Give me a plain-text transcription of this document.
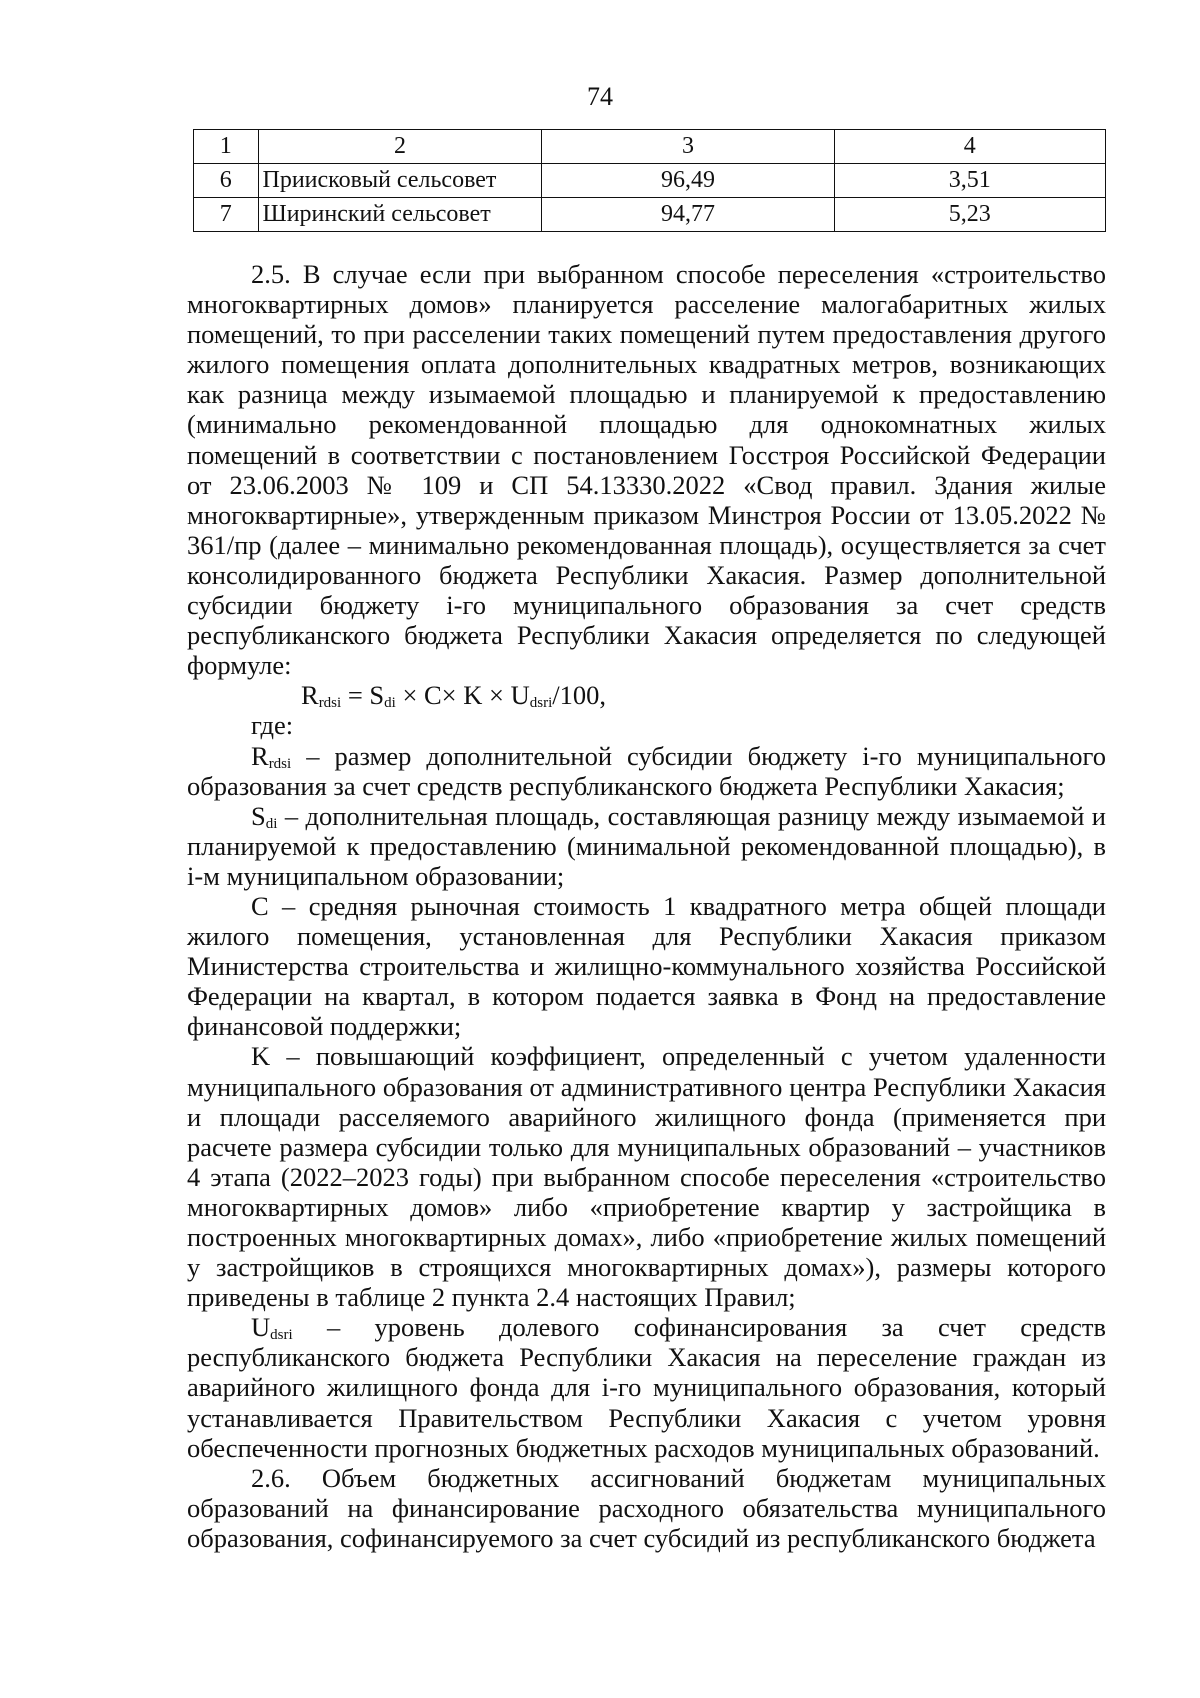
74
1	2	3	4
6	Приисковый сельсовет	96,49	3,51
7	Ширинский сельсовет	94,77	5,23

2.5. В случае если при выбранном способе переселения «строительство многоквартирных домов» планируется расселение малогабаритных жилых помещений, то при расселении таких помещений путем предоставления другого жилого помещения оплата дополнительных квадратных метров, возникающих как разница между изымаемой площадью и планируемой к предоставлению (минимально рекомендованной площадью для однокомнатных жилых помещений в соответствии с постановлением Госстроя Российской Федерации от 23.06.2003 № 109 и СП 54.13330.2022 «Свод правил. Здания жилые многоквартирные», утвержденным приказом Минстроя России от 13.05.2022 № 361/пр (далее – минимально рекомендованная площадь), осуществляется за счет консолидированного бюджета Республики Хакасия. Размер дополнительной субсидии бюджету i-го муниципального образования за счет средств республиканского бюджета Республики Хакасия определяется по следующей формуле:

$R_{rdsi} = S_{di} \times C\times K \times U_{dsri}/100$,

где:

$R_{rdsi}$ – размер дополнительной субсидии бюджету i-го муниципального образования за счет средств республиканского бюджета Республики Хакасия;

$S_{di}$ – дополнительная площадь, составляющая разницу между изымаемой и планируемой к предоставлению (минимальной рекомендованной площадью), в i-м муниципальном образовании;

С – средняя рыночная стоимость 1 квадратного метра общей площади жилого помещения, установленная для Республики Хакасия приказом Министерства строительства и жилищно-коммунального хозяйства Российской Федерации на квартал, в котором подается заявка в Фонд на предоставление финансовой поддержки;

K – повышающий коэффициент, определенный с учетом удаленности муниципального образования от административного центра Республики Хакасия и площади расселяемого аварийного жилищного фонда (применяется при расчете размера субсидии только для муниципальных образований – участников 4 этапа (2022–2023 годы) при выбранном способе переселения «строительство многоквартирных домов» либо «приобретение квартир у застройщика в построенных многоквартирных домах», либо «приобретение жилых помещений у застройщиков в строящихся многоквартирных домах»), размеры которого приведены в таблице 2 пункта 2.4 настоящих Правил;

$U_{dsri}$ – уровень долевого софинансирования за счет средств республиканского бюджета Республики Хакасия на переселение граждан из аварийного жилищного фонда для i-го муниципального образования, который устанавливается Правительством Республики Хакасия с учетом уровня обеспеченности прогнозных бюджетных расходов муниципальных образований.

2.6. Объем бюджетных ассигнований бюджетам муниципальных образований на финансирование расходного обязательства муниципального образования, софинансируемого за счет субсидий из республиканского бюджета
